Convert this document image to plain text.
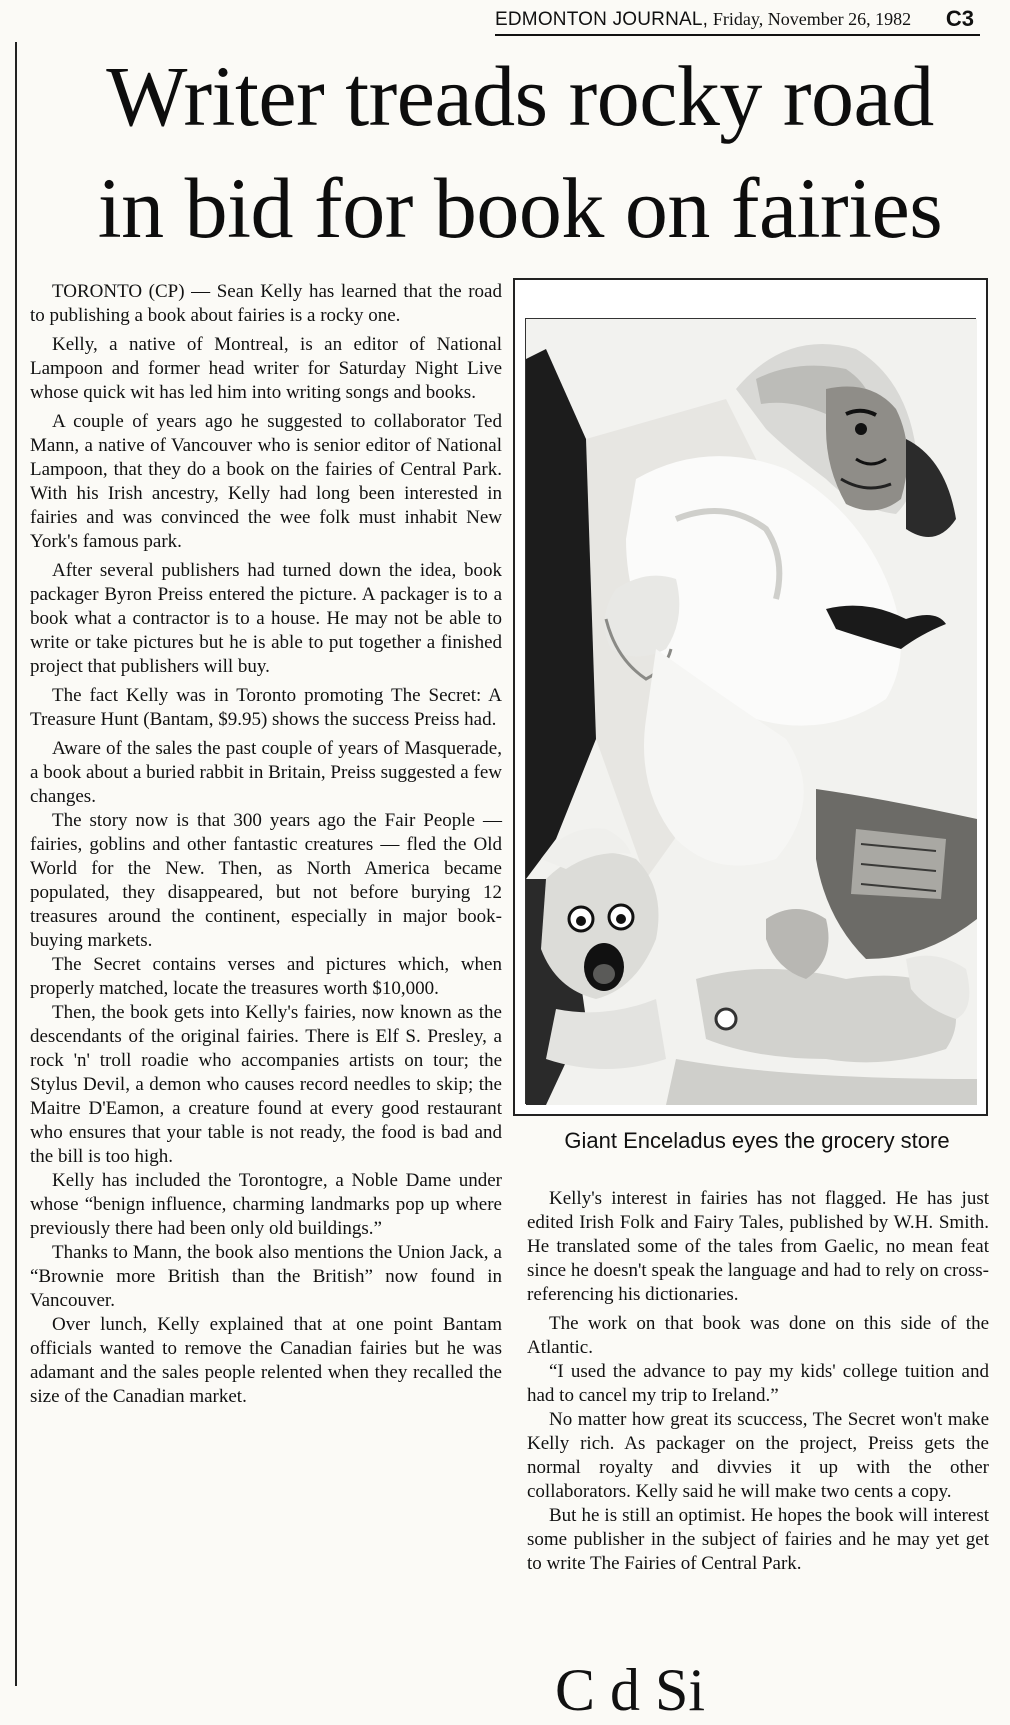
EDMONTON JOURNAL, Friday, November 26, 1982 C3
Writer treads rocky road
in bid for book on fairies

TORONTO (CP) — Sean Kelly has learned that the road to publishing a book about fairies is a rocky one.

Kelly, a native of Montreal, is an editor of National Lampoon and former head writer for Saturday Night Live whose quick wit has led him into writing songs and books.

A couple of years ago he suggested to collaborator Ted Mann, a native of Vancouver who is senior editor of National Lampoon, that they do a book on the fairies of Central Park. With his Irish ancestry, Kelly had long been interested in fairies and was convinced the wee folk must inhabit New York's famous park.

After several publishers had turned down the idea, book packager Byron Preiss entered the picture. A packager is to a book what a contractor is to a house. He may not be able to write or take pictures but he is able to put together a finished project that publishers will buy.

The fact Kelly was in Toronto promoting The Secret: A Treasure Hunt (Bantam, $9.95) shows the success Preiss had.

Aware of the sales the past couple of years of Masquerade, a book about a buried rabbit in Britain, Preiss suggested a few changes.

The story now is that 300 years ago the Fair People — fairies, goblins and other fantastic creatures — fled the Old World for the New. Then, as North America became populated, they disappeared, but not before burying 12 treasures around the continent, especially in major book-buying markets.

The Secret contains verses and pictures which, when properly matched, locate the treasures worth $10,000.

Then, the book gets into Kelly's fairies, now known as the descendants of the original fairies. There is Elf S. Presley, a rock 'n' troll roadie who accompanies artists on tour; the Stylus Devil, a demon who causes record needles to skip; the Maitre D'Eamon, a creature found at every good restaurant who ensures that your table is not ready, the food is bad and the bill is too high.

Kelly has included the Torontogre, a Noble Dame under whose “benign influence, charming landmarks pop up where previously there had been only old buildings.”

Thanks to Mann, the book also mentions the Union Jack, a “Brownie more British than the British” now found in Vancouver.

Over lunch, Kelly explained that at one point Bantam officials wanted to remove the Canadian fairies but he was adamant and the sales people relented when they recalled the size of the Canadian market.

Giant Enceladus eyes the grocery store

Kelly's interest in fairies has not flagged. He has just edited Irish Folk and Fairy Tales, published by W.H. Smith. He translated some of the tales from Gaelic, no mean feat since he doesn't speak the language and had to rely on cross-referencing his dictionaries.

The work on that book was done on this side of the Atlantic.

“I used the advance to pay my kids' college tuition and had to cancel my trip to Ireland.”

No matter how great its scuccess, The Secret won't make Kelly rich. As packager on the project, Preiss gets the normal royalty and divvies it up with the other collaborators. Kelly said he will make two cents a copy.

But he is still an optimist. He hopes the book will interest some publisher in the subject of fairies and he may yet get to write The Fairies of Central Park.

C d Si
